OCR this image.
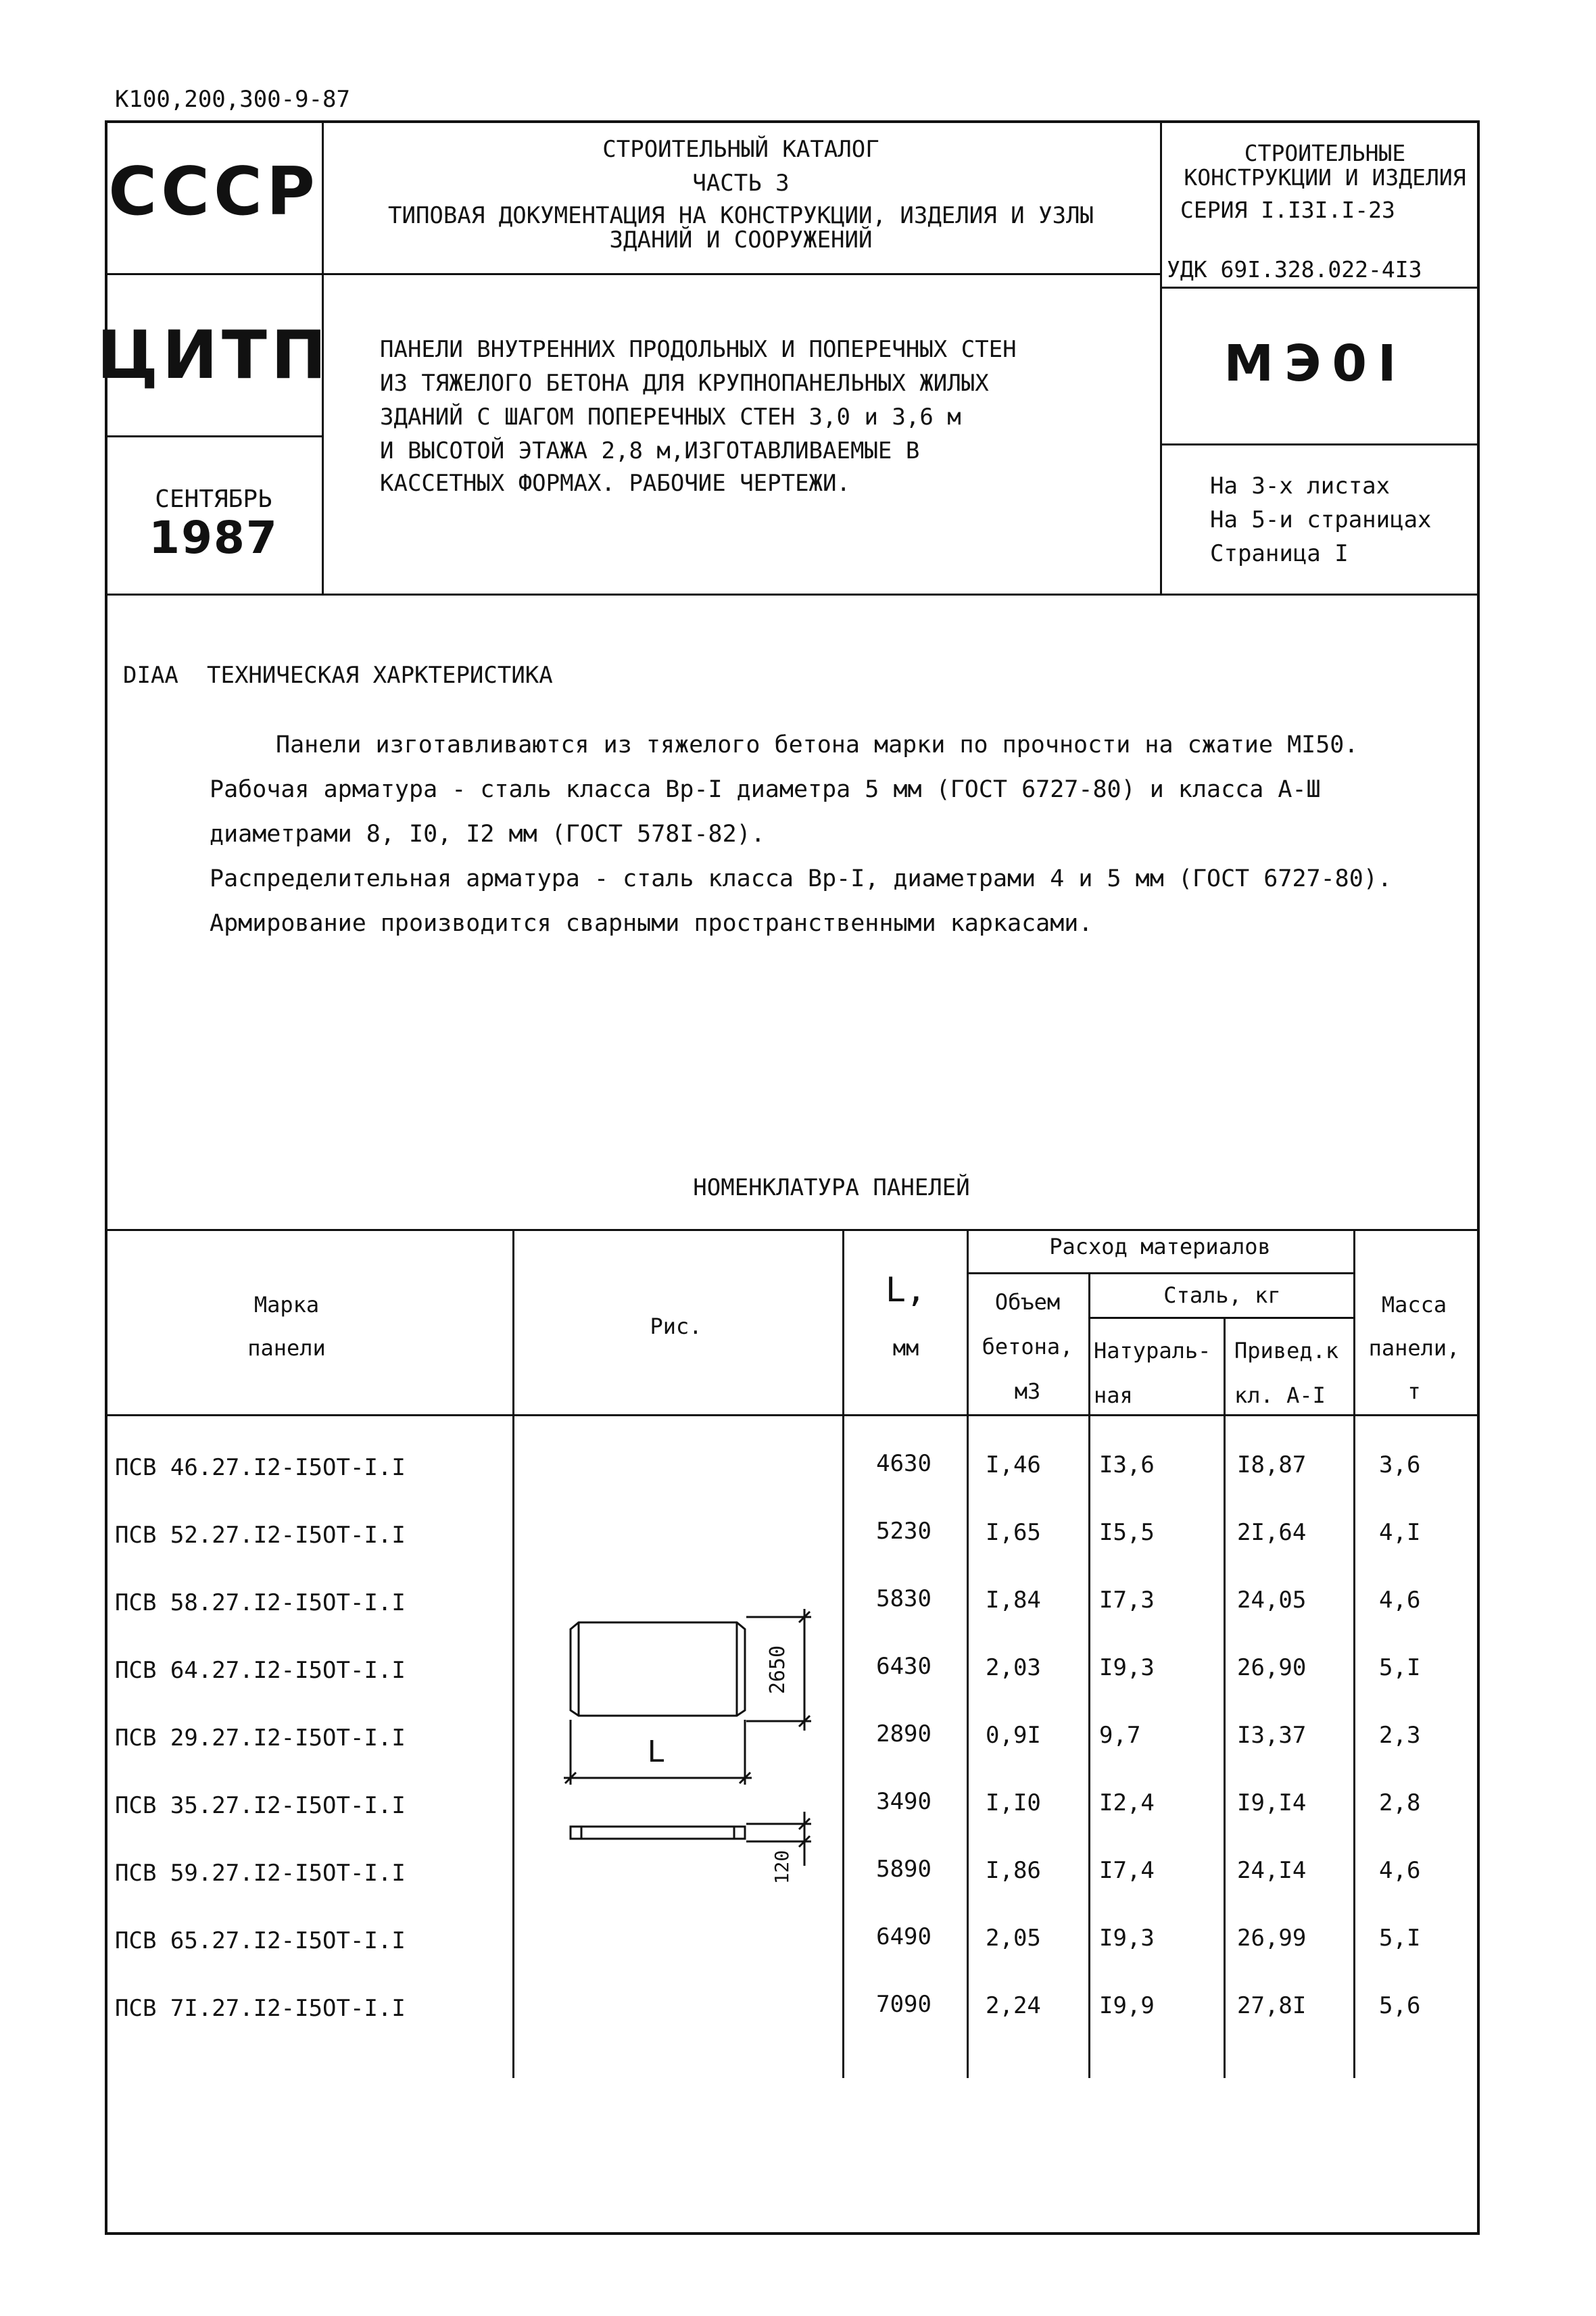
К100,200,300-9-87
СССР
ЦИТП
СЕНТЯБРЬ
1987
СТРОИТЕЛЬНЫЙ КАТАЛОГ
ЧАСТЬ 3
ТИПОВАЯ ДОКУМЕНТАЦИЯ НА КОНСТРУКЦИИ, ИЗДЕЛИЯ И УЗЛЫ
ЗДАНИЙ И СООРУЖЕНИЙ
СТРОИТЕЛЬНЫЕ
КОНСТРУКЦИИ И ИЗДЕЛИЯ
СЕРИЯ I.I3I.I-23
УДК 69I.328.022-4I3
ПАНЕЛИ ВНУТРЕННИХ ПРОДОЛЬНЫХ И ПОПЕРЕЧНЫХ СТЕН
ИЗ ТЯЖЕЛОГО БЕТОНА ДЛЯ КРУПНОПАНЕЛЬНЫХ ЖИЛЫХ
ЗДАНИЙ С ШАГОМ ПОПЕРЕЧНЫХ СТЕН 3,0 и 3,6 м
И ВЫСОТОЙ ЭТАЖА 2,8 м,ИЗГОТАВЛИВАЕМЫЕ В
КАССЕТНЫХ ФОРМАХ. РАБОЧИЕ ЧЕРТЕЖИ.
МЭ0I
На 3-х листах
На 5-и страницах
Страница I
DIAA ТЕХНИЧЕСКАЯ ХАРКТЕРИСТИКА
Панели изготавливаются из тяжелого бетона марки по прочности на сжатие МI50.
Рабочая арматура - сталь класса Вр-I диаметра 5 мм (ГОСТ 6727-80) и класса А-Ш
диаметрами 8, I0, I2 мм (ГОСТ 578I-82).
Распределительная арматура - сталь класса Вр-I, диаметрами 4 и 5 мм (ГОСТ 6727-80).
Армирование производится сварными пространственными каркасами.
НОМЕНКЛАТУРА ПАНЕЛЕЙ
Марка
панели
Рис.
L,
мм
Расход материалов
Объем
бетона,
м3
Сталь, кг
Натураль-
ная
Привед.к
кл. А-I
Масса
панели,
т
ПСВ 46.27.I2-I5ОТ-I.I	4630 I,46	I3,6	I8,87	3,6
ПСВ 52.27.I2-I5ОТ-I.I	5230 I,65	I5,5	2I,64	4,I
ПСВ 58.27.I2-I5ОТ-I.I	5830 I,84	I7,3	24,05	4,6
ПСВ 64.27.I2-I5ОТ-I.I	6430 2,03	I9,3	26,90	5,I
ПСВ 29.27.I2-I5ОТ-I.I	2890 0,9I	9,7	I3,37	2,3
ПСВ 35.27.I2-I5ОТ-I.I	3490 I,I0	I2,4	I9,I4	2,8
ПСВ 59.27.I2-I5ОТ-I.I	5890 I,86	I7,4	24,I4	4,6
ПСВ 65.27.I2-I5ОТ-I.I	6490 2,05	I9,3	26,99	5,I
ПСВ 7I.27.I2-I5ОТ-I.I	7090 2,24	I9,9	27,8I	5,6
2650
L
120
